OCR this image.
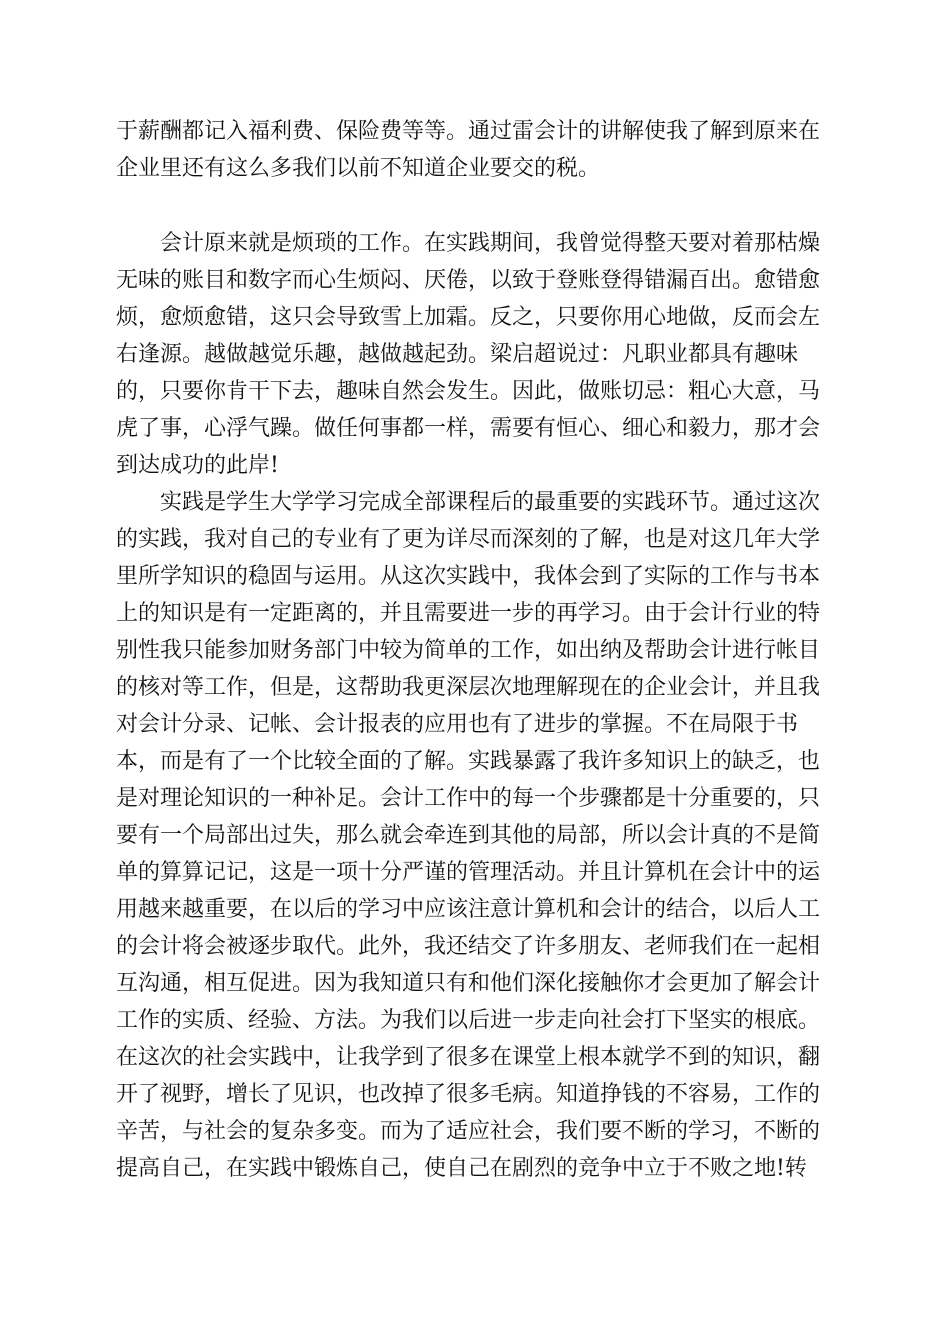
于薪酬都记入福利费、保险费等等。通过雷会计的讲解使我了解到原来在
企业里还有这么多我们以前不知道企业要交的税。
　　会计原来就是烦琐的工作。在实践期间，我曾觉得整天要对着那枯燥
无味的账目和数字而心生烦闷、厌倦，以致于登账登得错漏百出。愈错愈
烦，愈烦愈错，这只会导致雪上加霜。反之，只要你用心地做，反而会左
右逢源。越做越觉乐趣，越做越起劲。梁启超说过：凡职业都具有趣味
的，只要你肯干下去，趣味自然会发生。因此，做账切忌：粗心大意，马
虎了事，心浮气躁。做任何事都一样，需要有恒心、细心和毅力，那才会
到达成功的此岸!
　　实践是学生大学学习完成全部课程后的最重要的实践环节。通过这次
的实践，我对自己的专业有了更为详尽而深刻的了解，也是对这几年大学
里所学知识的稳固与运用。从这次实践中，我体会到了实际的工作与书本
上的知识是有一定距离的，并且需要进一步的再学习。由于会计行业的特
别性我只能参加财务部门中较为简单的工作，如出纳及帮助会计进行帐目
的核对等工作，但是，这帮助我更深层次地理解现在的企业会计，并且我
对会计分录、记帐、会计报表的应用也有了进步的掌握。不在局限于书
本，而是有了一个比较全面的了解。实践暴露了我许多知识上的缺乏，也
是对理论知识的一种补足。会计工作中的每一个步骤都是十分重要的，只
要有一个局部出过失，那么就会牵连到其他的局部，所以会计真的不是简
单的算算记记，这是一项十分严谨的管理活动。并且计算机在会计中的运
用越来越重要，在以后的学习中应该注意计算机和会计的结合，以后人工
的会计将会被逐步取代。此外，我还结交了许多朋友、老师我们在一起相
互沟通，相互促进。因为我知道只有和他们深化接触你才会更加了解会计
工作的实质、经验、方法。为我们以后进一步走向社会打下坚实的根底。
在这次的社会实践中，让我学到了很多在课堂上根本就学不到的知识，翻
开了视野，增长了见识，也改掉了很多毛病。知道挣钱的不容易，工作的
辛苦，与社会的复杂多变。而为了适应社会，我们要不断的学习，不断的
提高自己，在实践中锻炼自己，使自己在剧烈的竞争中立于不败之地!转
